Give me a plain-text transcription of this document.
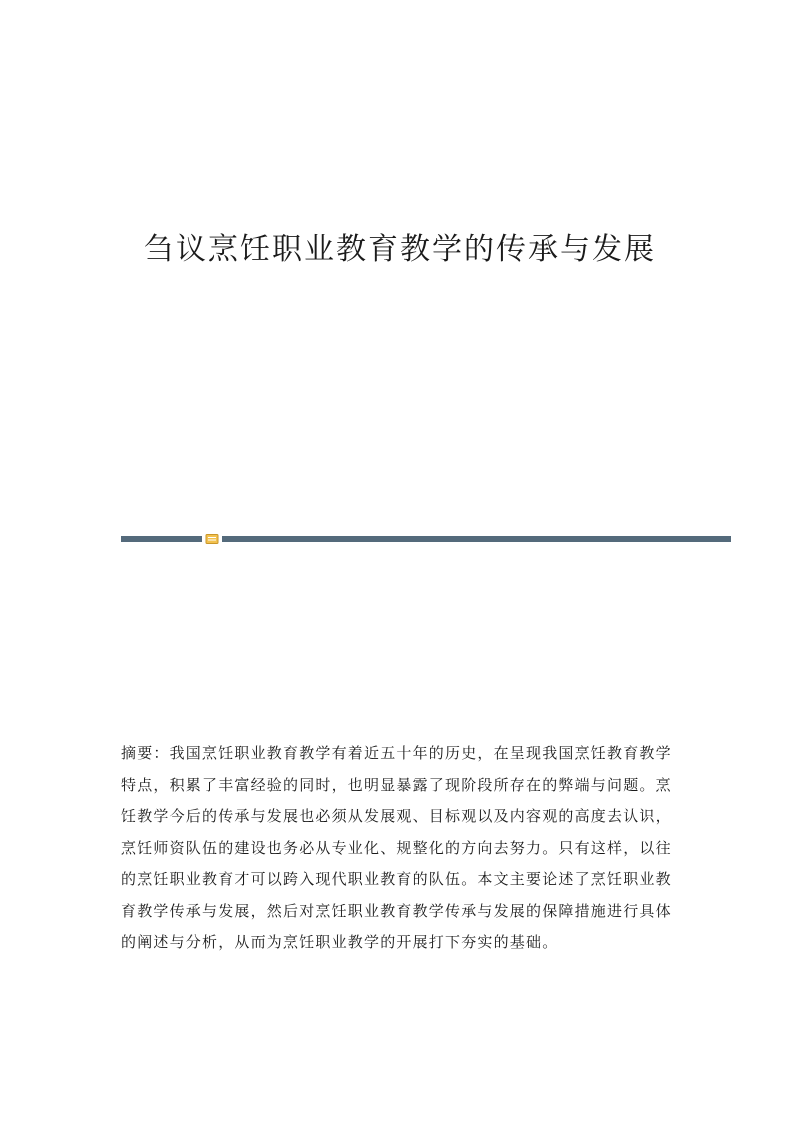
刍议烹饪职业教育教学的传承与发展
摘要：我国烹饪职业教育教学有着近五十年的历史，在呈现我国烹饪教育教学
特点，积累了丰富经验的同时，也明显暴露了现阶段所存在的弊端与问题。烹
饪教学今后的传承与发展也必须从发展观、目标观以及内容观的高度去认识，
烹饪师资队伍的建设也务必从专业化、规整化的方向去努力。只有这样，以往
的烹饪职业教育才可以跨入现代职业教育的队伍。本文主要论述了烹饪职业教
育教学传承与发展，然后对烹饪职业教育教学传承与发展的保障措施进行具体
的阐述与分析，从而为烹饪职业教学的开展打下夯实的基础。
